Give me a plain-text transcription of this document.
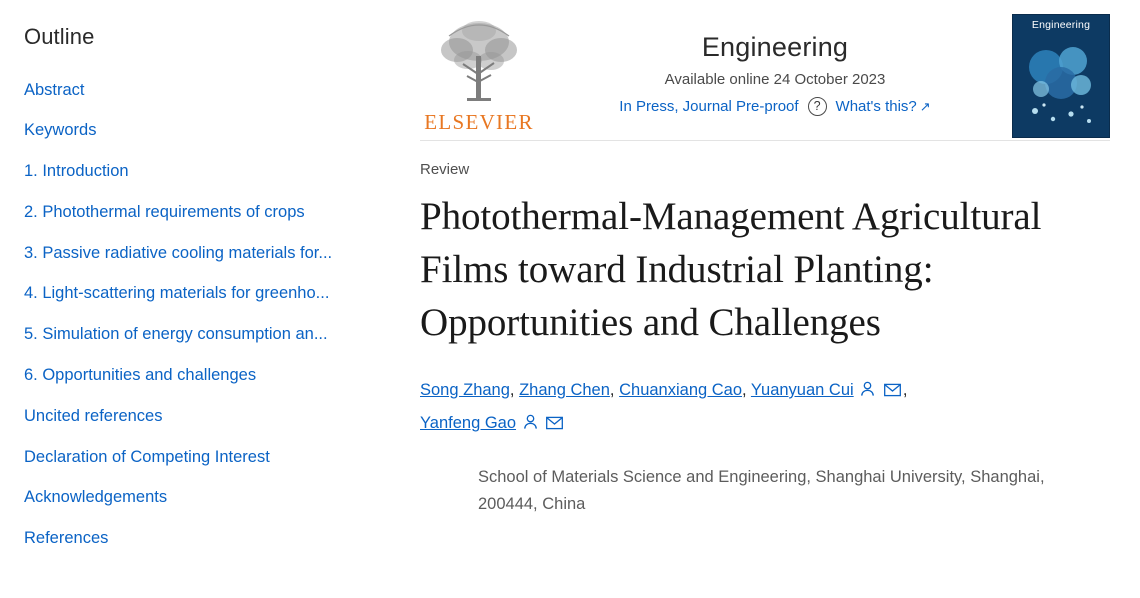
Outline
Abstract
Keywords
1. Introduction
2. Photothermal requirements of crops
3. Passive radiative cooling materials for...
4. Light-scattering materials for greenho...
5. Simulation of energy consumption an...
6. Opportunities and challenges
Uncited references
Declaration of Competing Interest
Acknowledgements
References
ELSEVIER
Engineering
Available online 24 October 2023
In Press, Journal Pre-proof	?	What's this? ↗
Engineering
Review
Photothermal-Management Agricultural Films toward Industrial Planting: Opportunities and Challenges
Song Zhang, Zhang Chen, Chuanxiang Cao, Yuanyuan Cui	,
Yanfeng Gao
School of Materials Science and Engineering, Shanghai University, Shanghai, 200444, China
